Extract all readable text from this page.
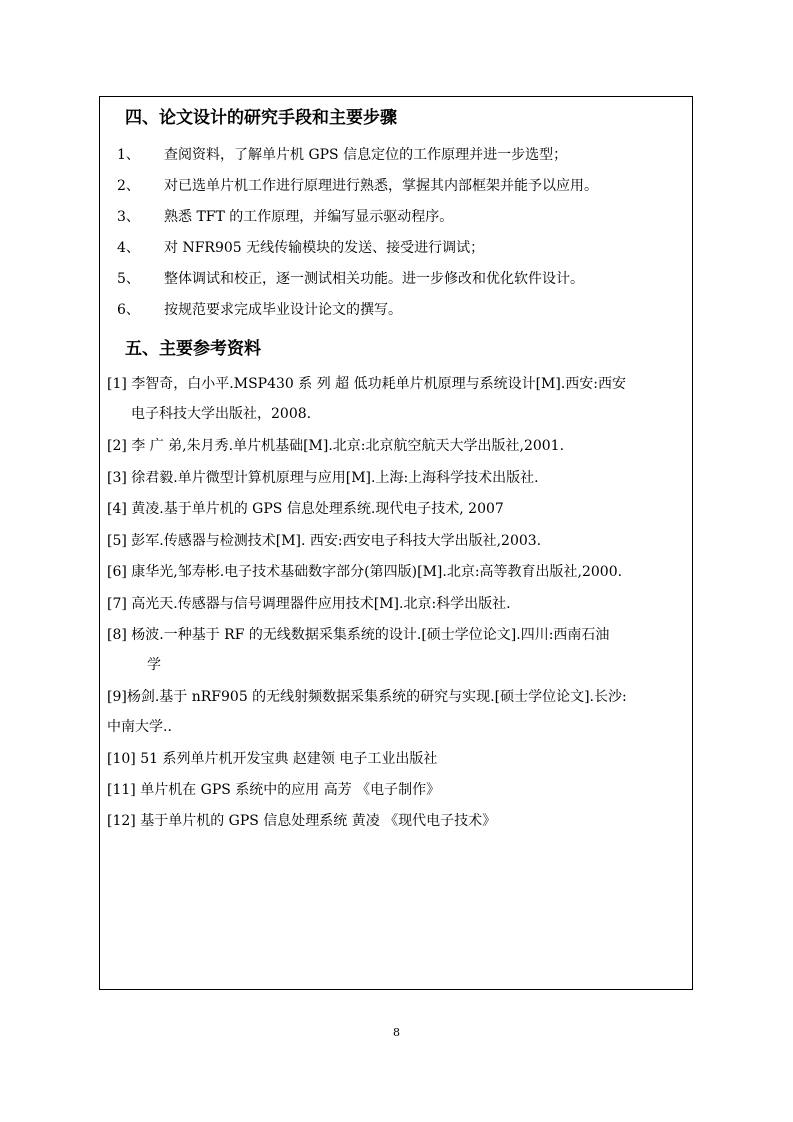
四、论文设计的研究手段和主要步骤
1、 查阅资料，了解单片机 GPS 信息定位的工作原理并进一步选型；
2、 对已选单片机工作进行原理进行熟悉，掌握其内部框架并能予以应用。
3、 熟悉 TFT 的工作原理，并编写显示驱动程序。
4、 对 NFR905 无线传输模块的发送、接受进行调试；
5、 整体调试和校正，逐一测试相关功能。进一步修改和优化软件设计。
6、 按规范要求完成毕业设计论文的撰写。
五、主要参考资料
[1] 李智奇，白小平.MSP430 系 列 超 低功耗单片机原理与系统设计[M].西安:西安
电子科技大学出版社，2008.
[2] 李 广 弟,朱月秀.单片机基础[M].北京:北京航空航天大学出版社,2001.
[3] 徐君毅.单片微型计算机原理与应用[M].上海:上海科学技术出版社.
[4] 黄凌.基于单片机的 GPS 信息处理系统.现代电子技术, 2007
[5] 彭军.传感器与检测技术[M]. 西安:西安电子科技大学出版社,2003.
[6] 康华光,邹寿彬.电子技术基础数字部分(第四版)[M].北京:高等教育出版社,2000.
[7] 高光天.传感器与信号调理器件应用技术[M].北京:科学出版社.
[8] 杨波.一种基于 RF 的无线数据采集系统的设计.[硕士学位论文].四川:西南石油
学
[9]杨剑.基于 nRF905 的无线射频数据采集系统的研究与实现.[硕士学位论文].长沙:
中南大学..
[10] 51 系列单片机开发宝典 赵建领 电子工业出版社
[11] 单片机在 GPS 系统中的应用 高芳 《电子制作》
[12] 基于单片机的 GPS 信息处理系统 黄凌 《现代电子技术》
8
